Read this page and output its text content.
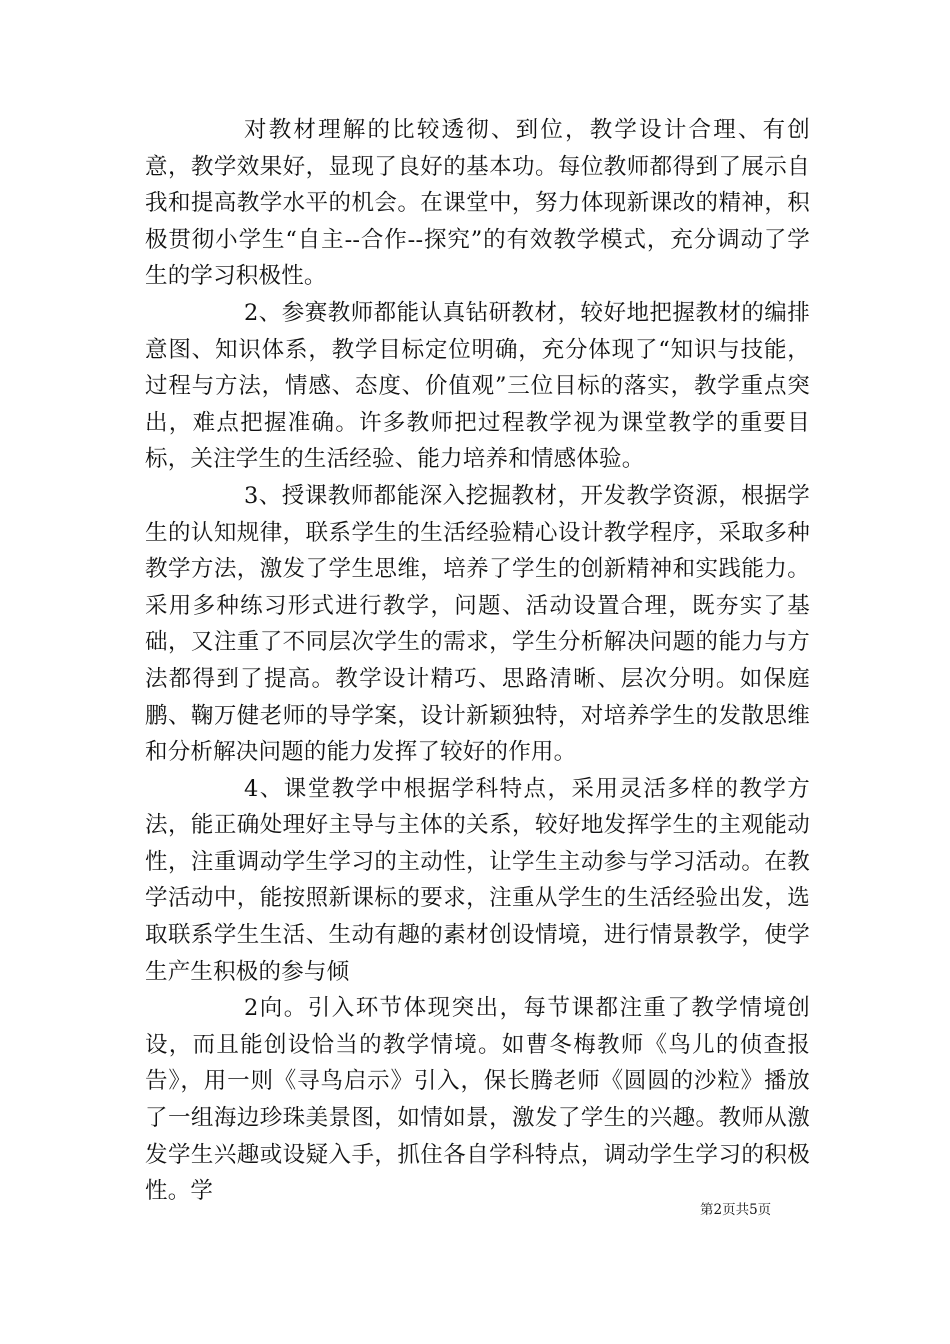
对教材理解的比较透彻、到位，教学设计合理、有创意，教学效果好，显现了良好的基本功。每位教师都得到了展示自我和提高教学水平的机会。在课堂中，努力体现新课改的精神，积极贯彻小学生“自主--合作--探究”的有效教学模式，充分调动了学生的学习积极性。

2、参赛教师都能认真钻研教材，较好地把握教材的编排意图、知识体系，教学目标定位明确，充分体现了“知识与技能，过程与方法，情感、态度、价值观”三位目标的落实，教学重点突出，难点把握准确。许多教师把过程教学视为课堂教学的重要目标，关注学生的生活经验、能力培养和情感体验。

3、授课教师都能深入挖掘教材，开发教学资源，根据学生的认知规律，联系学生的生活经验精心设计教学程序，采取多种教学方法，激发了学生思维，培养了学生的创新精神和实践能力。采用多种练习形式进行教学，问题、活动设置合理，既夯实了基础，又注重了不同层次学生的需求，学生分析解决问题的能力与方法都得到了提高。教学设计精巧、思路清晰、层次分明。如保庭鹏、鞠万健老师的导学案，设计新颖独特，对培养学生的发散思维和分析解决问题的能力发挥了较好的作用。

4、课堂教学中根据学科特点，采用灵活多样的教学方法，能正确处理好主导与主体的关系，较好地发挥学生的主观能动性，注重调动学生学习的主动性，让学生主动参与学习活动。在教学活动中，能按照新课标的要求，注重从学生的生活经验出发，选取联系学生生活、生动有趣的素材创设情境，进行情景教学，使学生产生积极的参与倾

2向。引入环节体现突出，每节课都注重了教学情境创设，而且能创设恰当的教学情境。如曹冬梅教师《鸟儿的侦查报告》，用一则《寻鸟启示》引入，保长腾老师《圆圆的沙粒》播放了一组海边珍珠美景图，如情如景，激发了学生的兴趣。教师从激发学生兴趣或设疑入手，抓住各自学科特点，调动学生学习的积极性。学

第2页共5页
